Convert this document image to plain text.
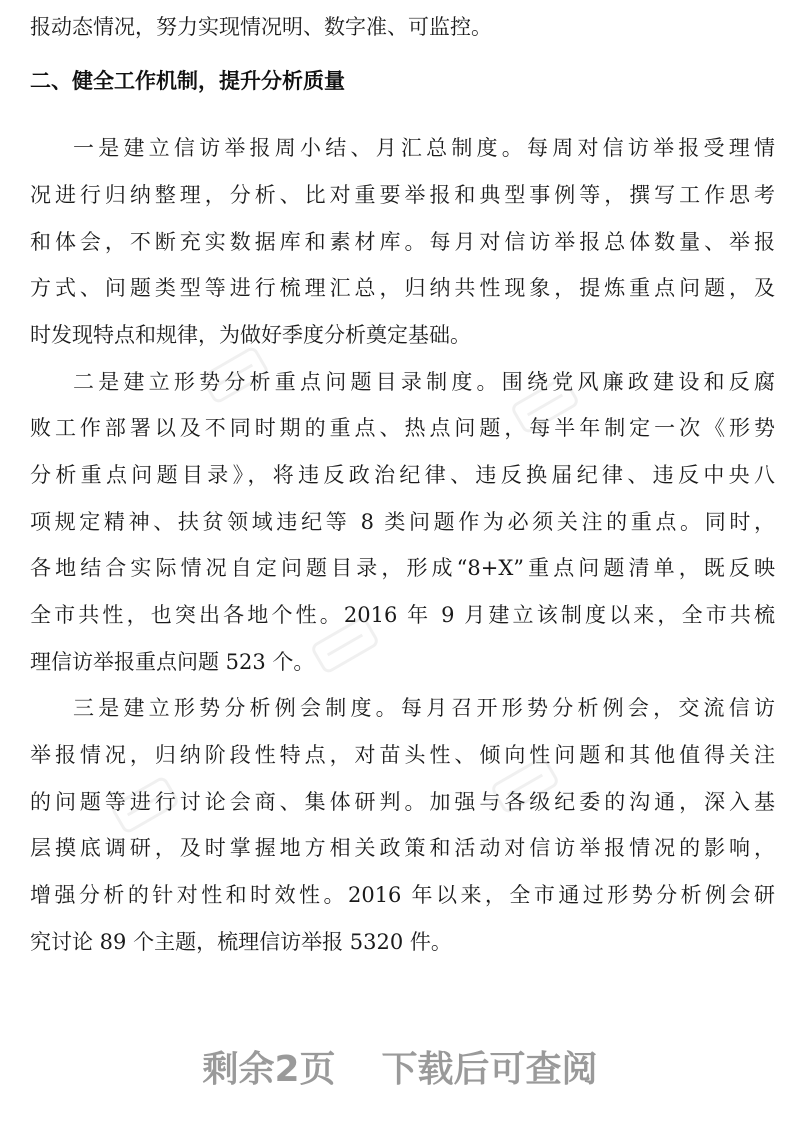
报动态情况，努力实现情况明、数字准、可监控。
二、健全工作机制，提升分析质量
一是建立信访举报周小结、月汇总制度。每周对信访举报受理情
况进行归纳整理，分析、比对重要举报和典型事例等，撰写工作思考
和体会，不断充实数据库和素材库。每月对信访举报总体数量、举报
方式、问题类型等进行梳理汇总，归纳共性现象，提炼重点问题，及
时发现特点和规律，为做好季度分析奠定基础。
二是建立形势分析重点问题目录制度。围绕党风廉政建设和反腐
败工作部署以及不同时期的重点、热点问题，每半年制定一次《形势
分析重点问题目录》，将违反政治纪律、违反换届纪律、违反中央八
项规定精神、扶贫领域违纪等 8 类问题作为必须关注的重点。同时，
各地结合实际情况自定问题目录，形成“8+X”重点问题清单，既反映
全市共性，也突出各地个性。2016 年 9 月建立该制度以来，全市共梳
理信访举报重点问题 523 个。
三是建立形势分析例会制度。每月召开形势分析例会，交流信访
举报情况，归纳阶段性特点，对苗头性、倾向性问题和其他值得关注
的问题等进行讨论会商、集体研判。加强与各级纪委的沟通，深入基
层摸底调研，及时掌握地方相关政策和活动对信访举报情况的影响，
增强分析的针对性和时效性。2016 年以来，全市通过形势分析例会研
究讨论 89 个主题，梳理信访举报 5320 件。
剩余2页 下载后可查阅
